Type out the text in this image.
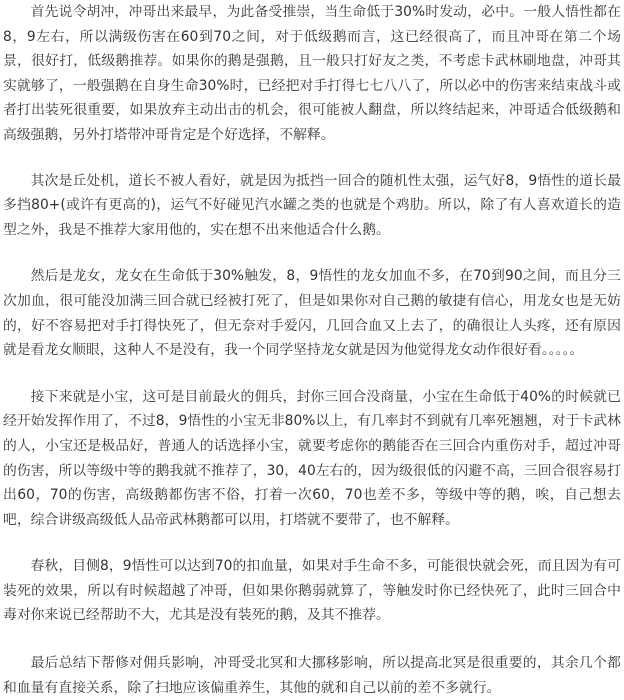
首先说令胡冲，冲哥出来最早，为此备受推崇，当生命低于30%时发动，必中。一般人悟性都在8，9左右，所以满级伤害在60到70之间，对于低级鹅而言，这已经很高了，而且冲哥在第二个场景，很好打，低级鹅推荐。如果你的鹅是强鹅，且一般只打好友之类，不考虑卡武林刷地盘，冲哥其实就够了，一般强鹅在自身生命30%时，已经把对手打得七七八八了，所以必中的伤害来结束战斗或者打出装死很重要，如果放弃主动出击的机会，很可能被人翻盘，所以终结起来，冲哥适合低级鹅和高级强鹅，另外打塔带冲哥肯定是个好选择，不解释。

其次是丘处机，道长不被人看好，就是因为抵挡一回合的随机性太强，运气好8，9悟性的道长最多挡80+(或许有更高的)，运气不好碰见汽水罐之类的也就是个鸡肋。所以，除了有人喜欢道长的造型之外，我是不推荐大家用他的，实在想不出来他适合什么鹅。

然后是龙女，龙女在生命低于30%触发，8，9悟性的龙女加血不多，在70到90之间，而且分三次加血，很可能没加满三回合就已经被打死了，但是如果你对自己鹅的敏捷有信心，用龙女也是无妨的，好不容易把对手打得快死了，但无奈对手爱闪，几回合血又上去了，的确很让人头疼，还有原因就是看龙女顺眼，这种人不是没有，我一个同学坚持龙女就是因为他觉得龙女动作很好看。。。。。

接下来就是小宝，这可是目前最火的佣兵，封你三回合没商量，小宝在生命低于40%的时候就已经开始发挥作用了，不过8，9悟性的小宝无非80%以上，有几率封不到就有几率死翘翘，对于卡武林的人，小宝还是极品好，普通人的话选择小宝，就要考虑你的鹅能否在三回合内重伤对手，超过冲哥的伤害，所以等级中等的鹅我就不推荐了，30，40左右的，因为级很低的闪避不高，三回合很容易打出60，70的伤害，高级鹅都伤害不俗，打着一次60，70也差不多，等级中等的鹅，唉，自己想去吧，综合讲级高级低人品帝武林鹅都可以用，打塔就不要带了，也不解释。

春秋，目侧8，9悟性可以达到70的扣血量，如果对手生命不多，可能很快就会死，而且因为有可装死的效果，所以有时候超越了冲哥，但如果你鹅弱就算了，等触发时你已经快死了，此时三回合中毒对你来说已经帮助不大，尤其是没有装死的鹅，及其不推荐。

最后总结下帮修对佣兵影响，冲哥受北冥和大挪移影响，所以提高北冥是很重要的，其余几个都和血量有直接关系，除了扫地应该偏重养生，其他的就和自己以前的差不多就行。
